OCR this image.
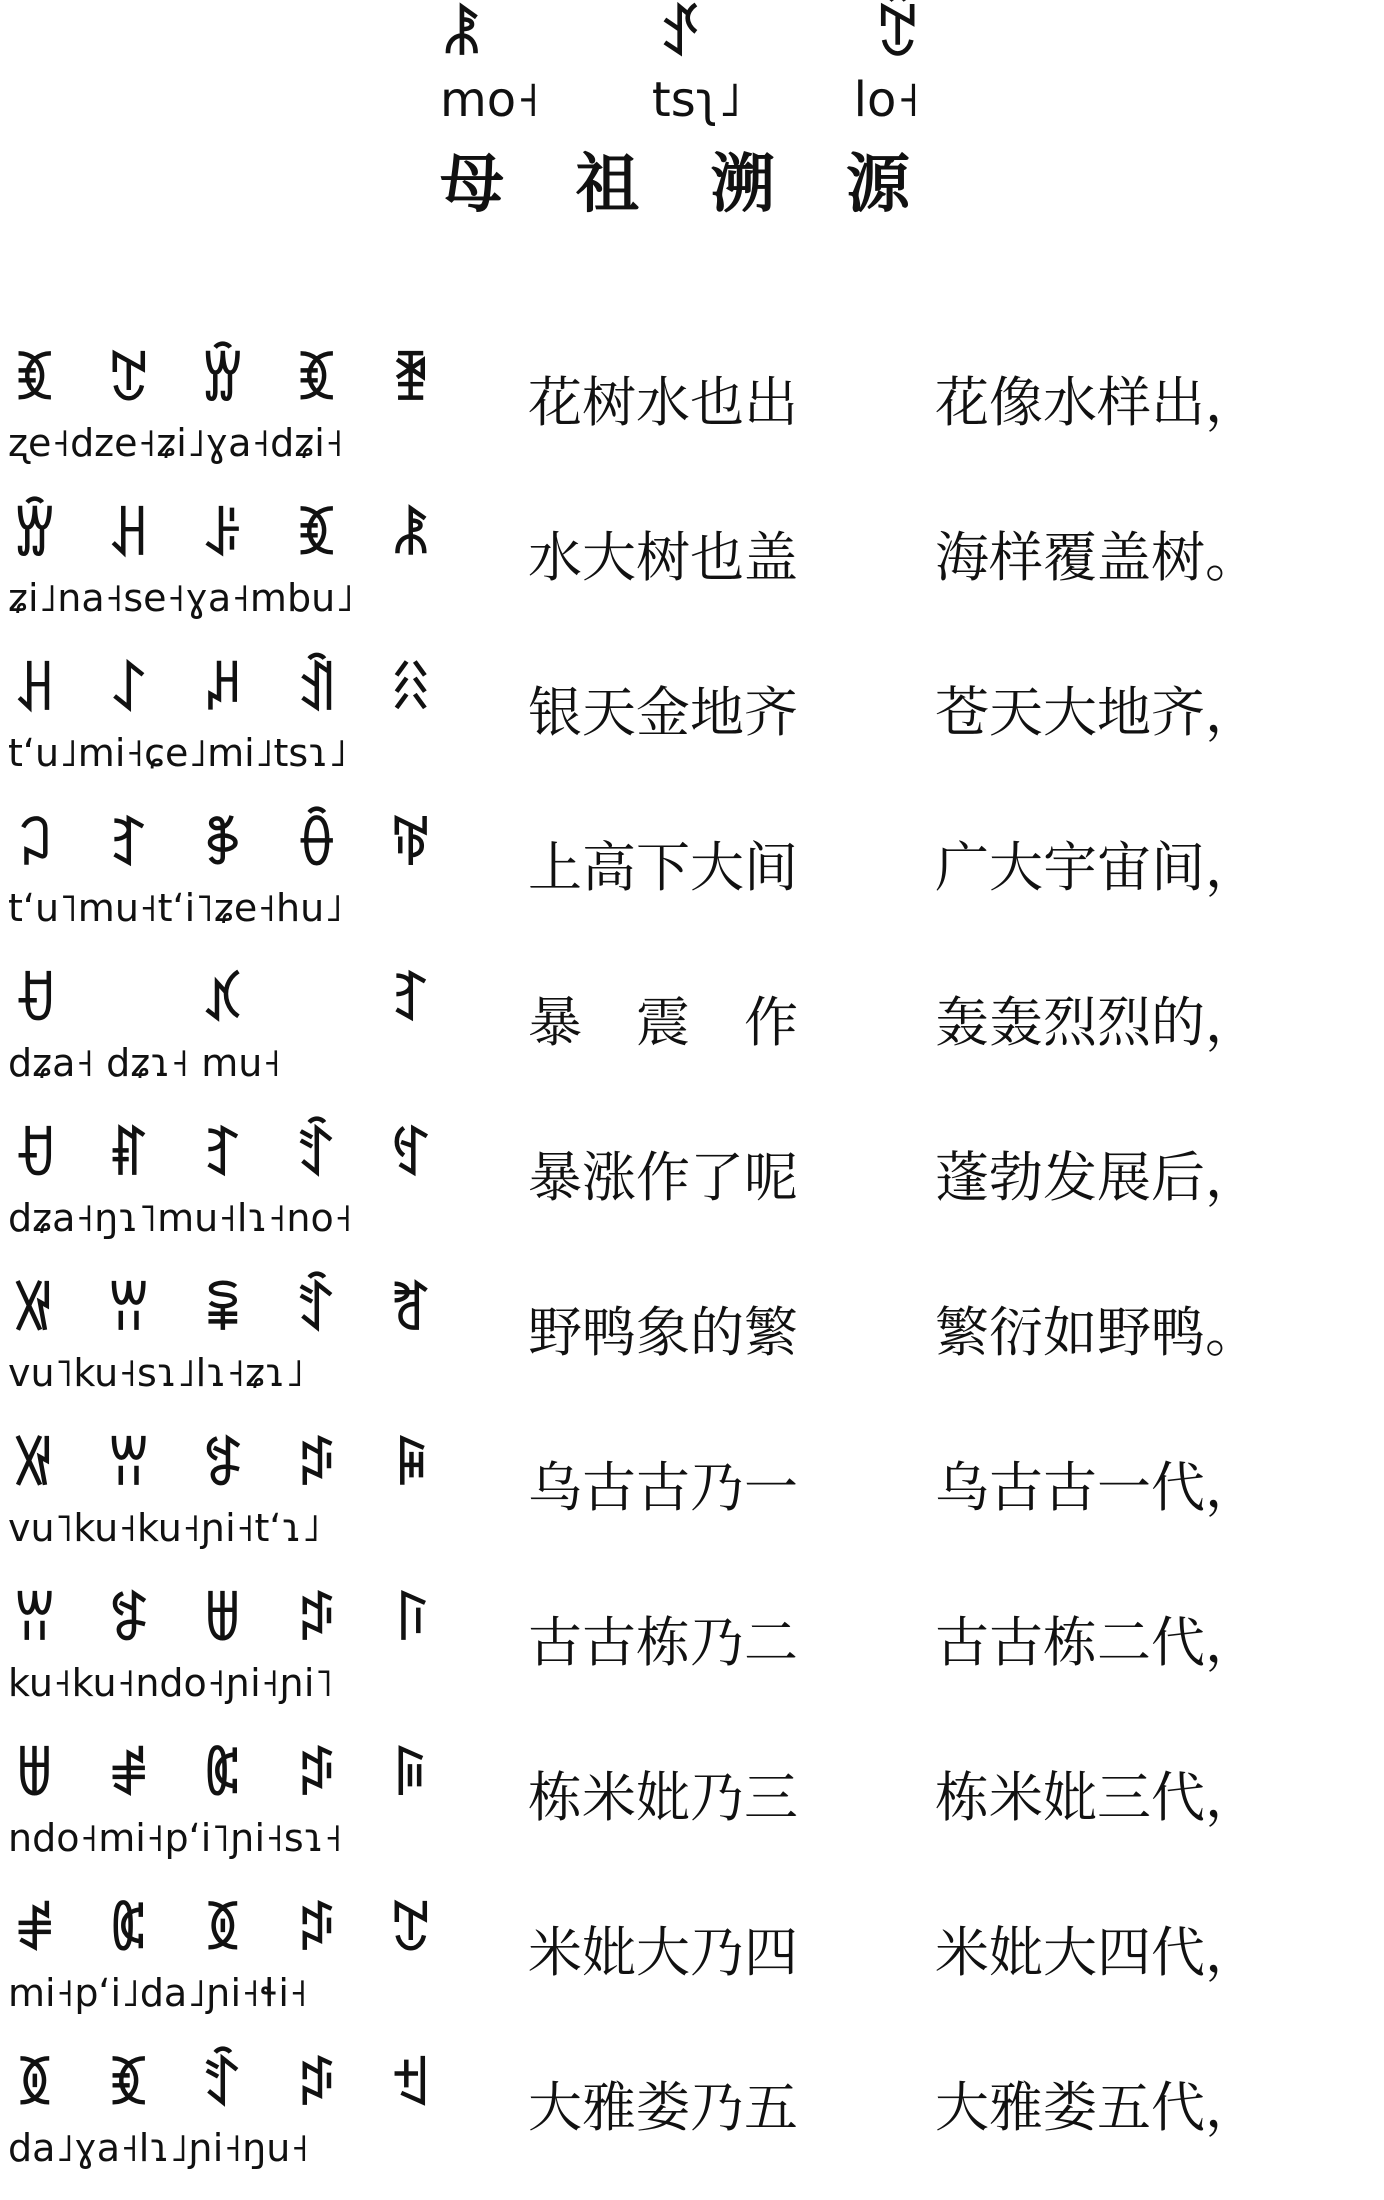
ꂿ	ꀋ	ꇕ
mo˧ tsʅ˩ lo˧
母 祖 溯 源
ꃶ ꇖ ꑢ ꃶ ꄿ
ʐe˧dze˧ʑi˩ɣa˧dʑi˧
花树水也出	花像水样出，
ꑢ ꃅ ꌠ ꃶ ꂿ
ʑi˩na˧se˧ɣa˧mbu˩
水大树也盖	海样覆盖树。
ꃅ ꋍ ꈚ ꀉ ꋧ
tʻu˩mi˧ɕe˩mi˩tsɿ˩
银天金地齐	苍天大地齐，
ꃀ ꆈ ꃆ ꂶ ꃥ
tʻu˥mu˧tʻi˥ʑe˧hu˩
上高下大间	广大宇宙间，
ꀀ	ꃤ	ꆈ
dʑa˧ dʑɿ˧ mu˧
暴　震　作	轰轰烈烈的，
ꀀ ꐥ ꆈ ꄷ ꉐ
dʑa˧ŋɿ˥mu˧lɿ˧no˧
暴涨作了呢	蓬勃发展后，
ꑟ ꀕ ꈜ ꄷ ꐛ
vu˥ku˧sɿ˩lɿ˧ʑɿ˩
野鸭象的繁	繁衍如野鸭。
ꑟ ꀕ ꉎ ꁯ ꋦ
vu˥ku˧ku˧ɲi˧tʻɿ˩
乌古古乃一	乌古古一代，
ꀕ ꉎ ꁁ ꁯ ꑍ
ku˧ku˧ndo˧ɲi˧ɲi˥
古古栋乃二	古古栋二代，
ꁁ ꂱ ꀇ ꁯ ꌕ
ndo˧mi˧pʻi˥ɲi˧sɿ˧
栋米妣乃三	栋米妣三代，
ꂱ ꀇ ꅉ ꁯ ꇖ
mi˧pʻi˩da˩ɲi˧ɬi˧
米妣大乃四	米妣大四代，
ꅉ ꃶ ꄷ ꁯ ꉬ
da˩ɣa˧lɿ˩ɲi˧ŋu˧
大雅娄乃五	大雅娄五代，
